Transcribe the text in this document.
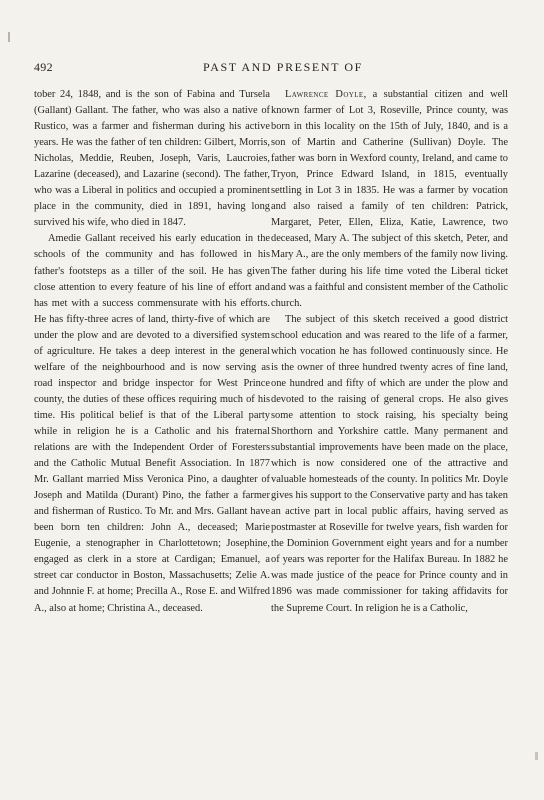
492	PAST AND PRESENT OF

tober 24, 1848, and is the son of Fabina and Tursela (Gallant) Gallant. The father, who was also a native of Rustico, was a farmer and fisherman during his active years. He was the father of ten children: Gilbert, Morris, Nicholas, Meddie, Reuben, Joseph, Varis, Laucroies, Lazarine (deceased), and Lazarine (second). The father, who was a Liberal in politics and occupied a prominent place in the community, died in 1891, having long survived his wife, who died in 1847.

Amedie Gallant received his early education in the schools of the community and has followed in his father's footsteps as a tiller of the soil. He has given close attention to every feature of his line of effort and has met with a success commensurate with his efforts. He has fifty-three acres of land, thirty-five of which are under the plow and are devoted to a diversified system of agriculture. He takes a deep interest in the general welfare of the neighbourhood and is now serving as road inspector and bridge inspector for West Prince county, the duties of these offices requiring much of his time. His political belief is that of the Liberal party while in religion he is a Catholic and his fraternal relations are with the Independent Order of Foresters and the Catholic Mutual Benefit Association. In 1877 Mr. Gallant married Miss Veronica Pino, a daughter of Joseph and Matilda (Durant) Pino, the father a farmer and fisherman of Rustico. To Mr. and Mrs. Gallant have been born ten children: John A., deceased; Marie Eugenie, a stenographer in Charlottetown; Josephine, engaged as clerk in a store at Cardigan; Emanuel, a street car conductor in Boston, Massachusetts; Zelie A. and Johnnie F. at home; Precilla A., Rose E. and Wilfred A., also at home; Christina A., deceased.

Lawrence Doyle, a substantial citizen and well known farmer of Lot 3, Roseville, Prince county, was born in this locality on the 15th of July, 1840, and is a son of Martin and Catherine (Sullivan) Doyle. The father was born in Wexford county, Ireland, and came to Tryon, Prince Edward Island, in 1815, eventually settling in Lot 3 in 1835. He was a farmer by vocation and also raised a family of ten children: Patrick, Margaret, Peter, Ellen, Eliza, Katie, Lawrence, two deceased, Mary A. The subject of this sketch, Peter, and Mary A., are the only members of the family now living. The father during his life time voted the Liberal ticket and was a faithful and consistent member of the Catholic church.

The subject of this sketch received a good district school education and was reared to the life of a farmer, which vocation he has followed continuously since. He is the owner of three hundred twenty acres of fine land, one hundred and fifty of which are under the plow and devoted to the raising of general crops. He also gives some attention to stock raising, his specialty being Shorthorn and Yorkshire cattle. Many permanent and substantial improvements have been made on the place, which is now considered one of the attractive and valuable homesteads of the county. In politics Mr. Doyle gives his support to the Conservative party and has taken an active part in local public affairs, having served as postmaster at Roseville for twelve years, fish warden for the Dominion Government eight years and for a number of years was reporter for the Halifax Bureau. In 1882 he was made justice of the peace for Prince county and in 1896 was made commissioner for taking affidavits for the Supreme Court. In religion he is a Catholic,
